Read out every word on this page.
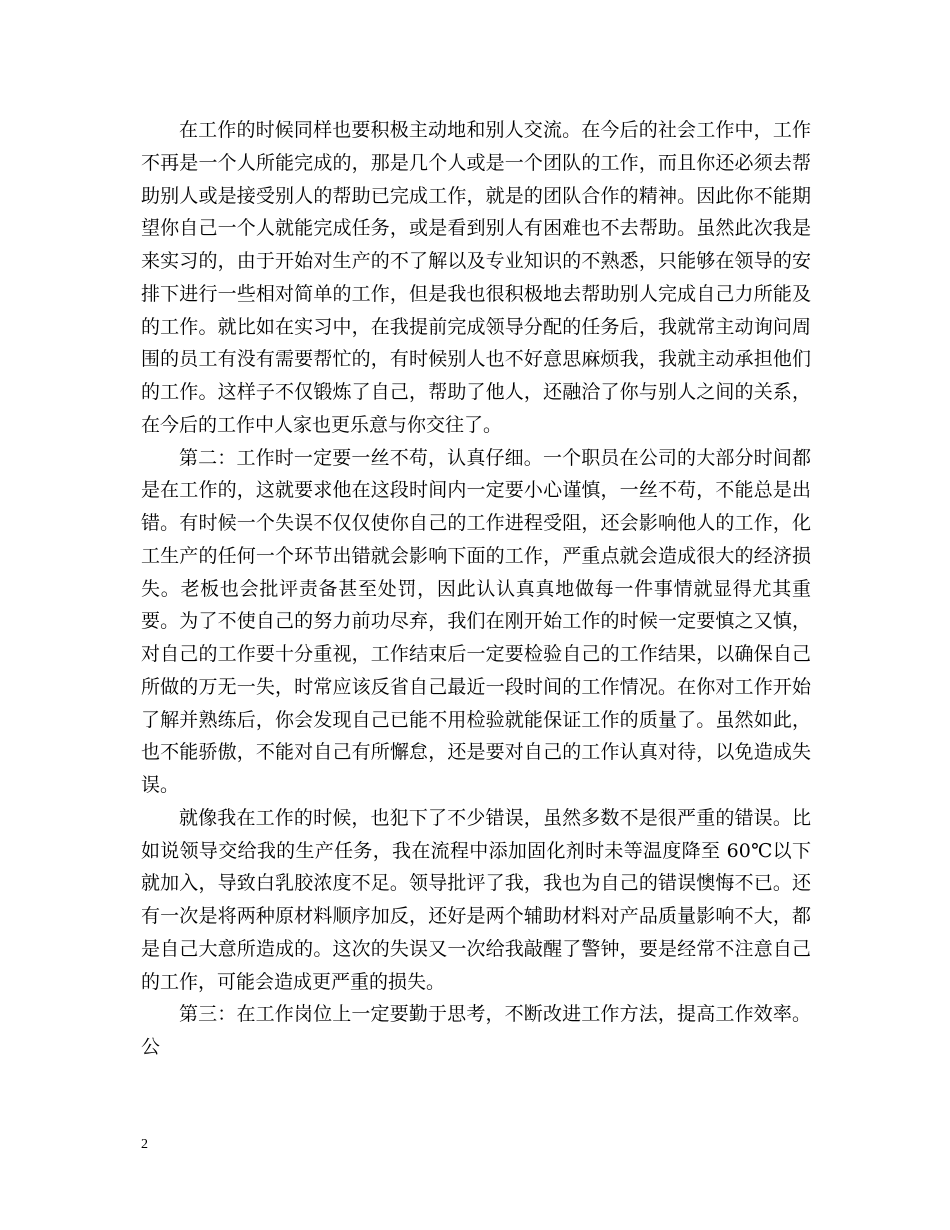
在工作的时候同样也要积极主动地和别人交流。在今后的社会工作中，工作不再是一个人所能完成的，那是几个人或是一个团队的工作，而且你还必须去帮助别人或是接受别人的帮助已完成工作，就是的团队合作的精神。因此你不能期望你自己一个人就能完成任务，或是看到别人有困难也不去帮助。虽然此次我是来实习的，由于开始对生产的不了解以及专业知识的不熟悉，只能够在领导的安排下进行一些相对简单的工作，但是我也很积极地去帮助别人完成自己力所能及的工作。就比如在实习中，在我提前完成领导分配的任务后，我就常主动询问周围的员工有没有需要帮忙的，有时候别人也不好意思麻烦我，我就主动承担他们的工作。这样子不仅锻炼了自己，帮助了他人，还融洽了你与别人之间的关系，在今后的工作中人家也更乐意与你交往了。

第二：工作时一定要一丝不苟，认真仔细。一个职员在公司的大部分时间都是在工作的，这就要求他在这段时间内一定要小心谨慎，一丝不苟，不能总是出错。有时候一个失误不仅仅使你自己的工作进程受阻，还会影响他人的工作，化工生产的任何一个环节出错就会影响下面的工作，严重点就会造成很大的经济损失。老板也会批评责备甚至处罚，因此认认真真地做每一件事情就显得尤其重要。为了不使自己的努力前功尽弃，我们在刚开始工作的时候一定要慎之又慎，对自己的工作要十分重视，工作结束后一定要检验自己的工作结果，以确保自己所做的万无一失，时常应该反省自己最近一段时间的工作情况。在你对工作开始了解并熟练后，你会发现自己已能不用检验就能保证工作的质量了。虽然如此，也不能骄傲，不能对自己有所懈怠，还是要对自己的工作认真对待，以免造成失误。

就像我在工作的时候，也犯下了不少错误，虽然多数不是很严重的错误。比如说领导交给我的生产任务，我在流程中添加固化剂时未等温度降至 60℃以下就加入，导致白乳胶浓度不足。领导批评了我，我也为自己的错误懊悔不已。还有一次是将两种原材料顺序加反，还好是两个辅助材料对产品质量影响不大，都是自己大意所造成的。这次的失误又一次给我敲醒了警钟，要是经常不注意自己的工作，可能会造成更严重的损失。

第三：在工作岗位上一定要勤于思考，不断改进工作方法，提高工作效率。公

2
